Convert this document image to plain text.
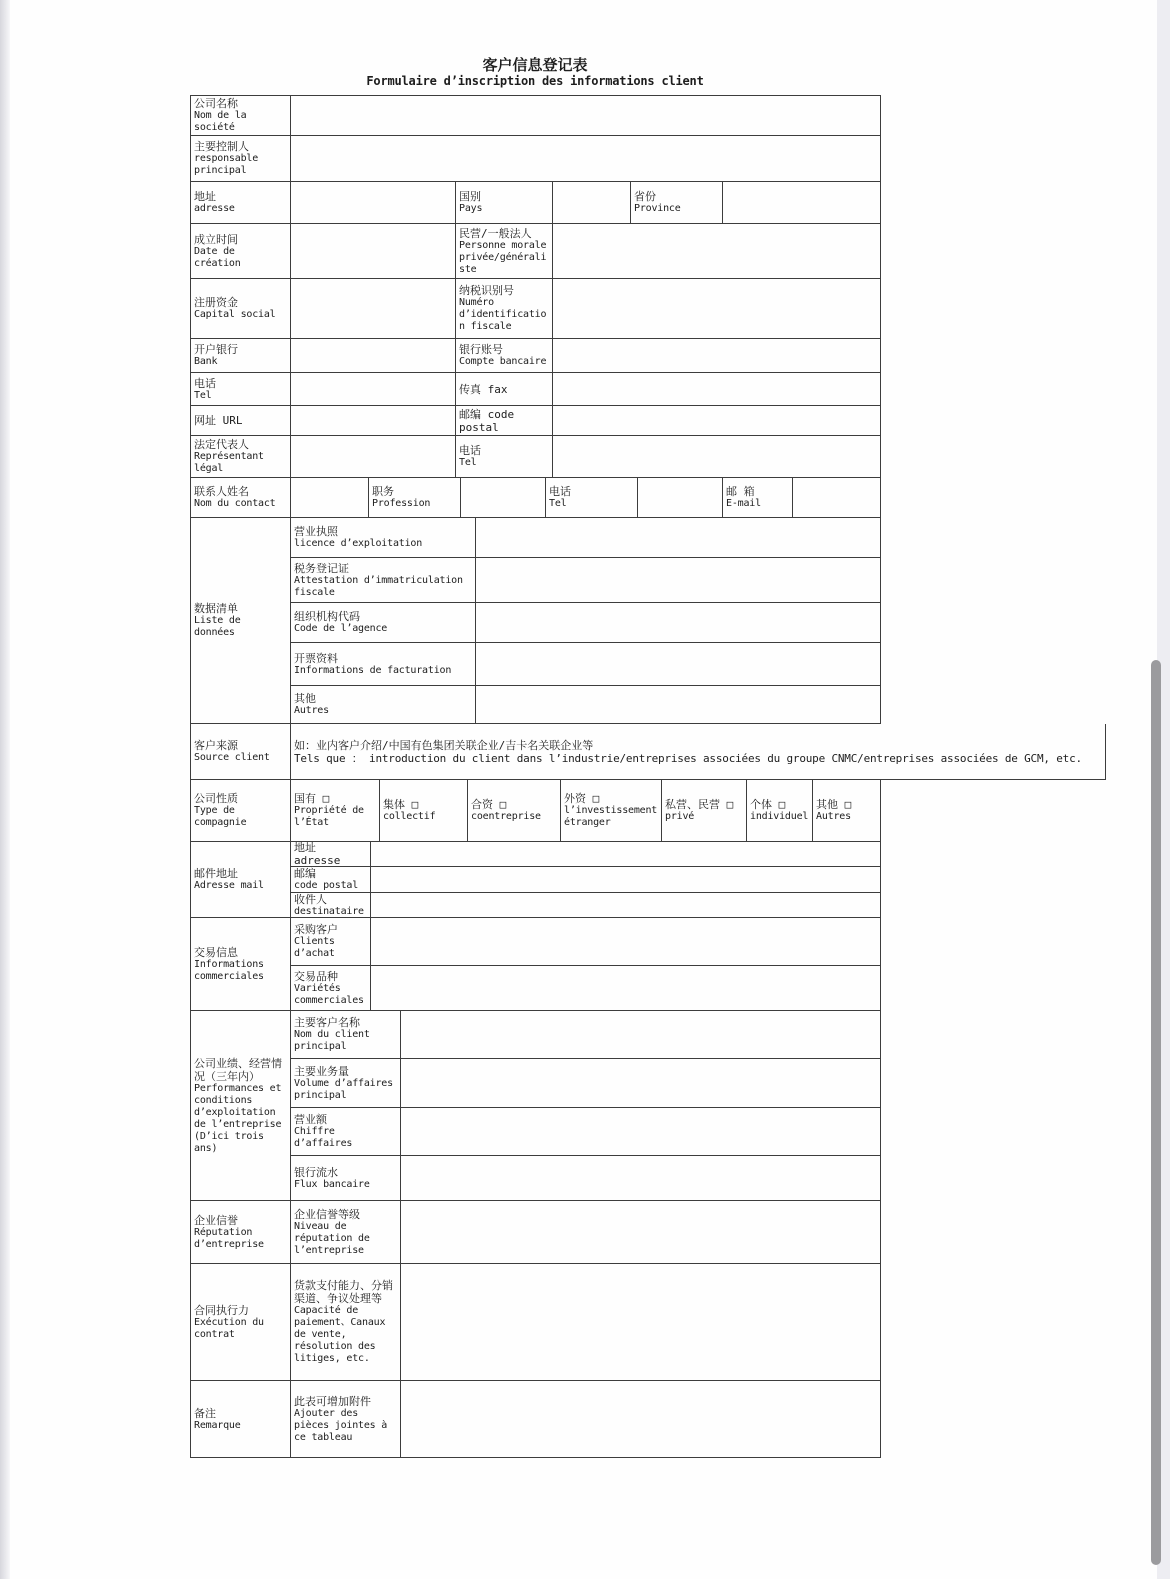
客户信息登记表
Formulaire d’inscription des informations client
公司名称
Nom de la société
主要控制人
responsable principal
地址
adresse
国别
Pays
省份
Province
成立时间
Date de création
民营/一般法人
Personne morale privée/généraliste
注册资金
Capital social
纳税识别号
Numéro d’identification fiscale
开户银行
Bank
银行账号
Compte bancaire
电话
Tel	传真 fax
网址 URL	邮编 code postal
法定代表人
Représentant légal
电话
Tel
联系人姓名
Nom du contact
职务
Profession
电话
Tel
邮 箱
E-mail
数据清单
Liste de données
营业执照
licence d’exploitation
税务登记证
Attestation d’immatriculation fiscale
组织机构代码
Code de l’agence
开票资料
Informations de facturation
其他
Autres
客户来源
Source client
如：业内客户介绍/中国有色集团关联企业/吉卡名关联企业等
Tels que ： introduction du client dans l’industrie/entreprises associées du groupe CNMC/entreprises associées de GCM, etc.
公司性质
Type de compagnie
国有 □
Propriété de l’État
集体 □
collectif
合资 □
coentreprise
外资 □
l’investissement étranger
私营、民营 □
privé
个体 □
individuel
其他 □
Autres
邮件地址
Adresse mail
地址 adresse
邮编
code postal
收件人
destinataire
交易信息
Informations commerciales
采购客户
Clients d’achat
交易品种
Variétés commerciales
公司业绩、经营情况（三年内）
Performances et conditions d’exploitation de l’entreprise (D’ici trois ans)
主要客户名称
Nom du client principal
主要业务量
Volume d’affaires principal
营业额
Chiffre d’affaires
银行流水
Flux bancaire
企业信誉
Réputation d’entreprise
企业信誉等级
Niveau de réputation de l’entreprise
合同执行力
Exécution du contrat
货款支付能力、分销渠道、争议处理等
Capacité de paiement、Canaux de vente, résolution des litiges, etc.
备注
Remarque
此表可增加附件
Ajouter des pièces jointes à ce tableau
